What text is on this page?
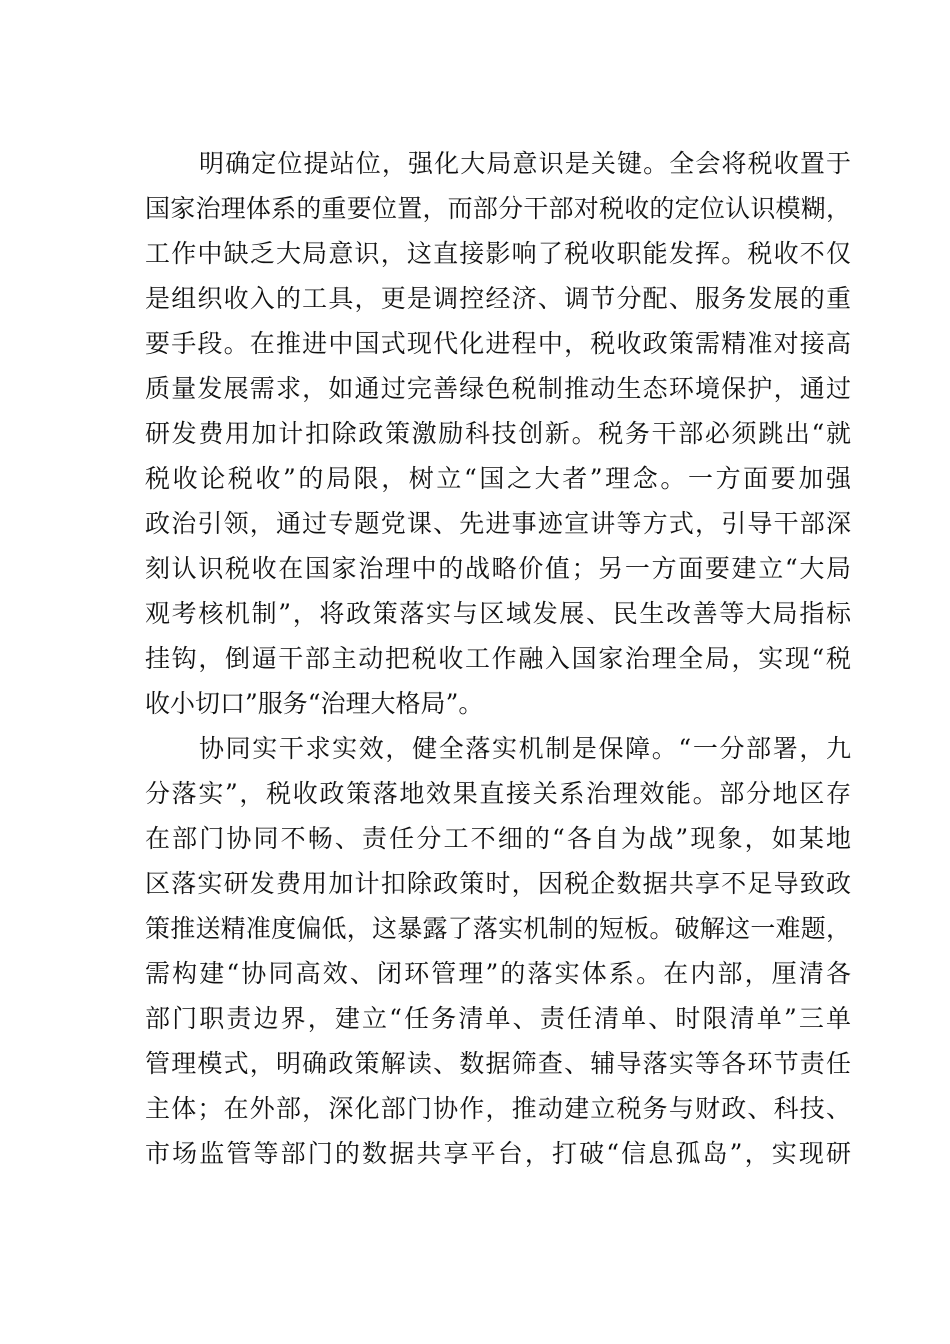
明确定位提站位，强化大局意识是关键。全会将税收置于
国家治理体系的重要位置，而部分干部对税收的定位认识模糊，
工作中缺乏大局意识，这直接影响了税收职能发挥。税收不仅
是组织收入的工具，更是调控经济、调节分配、服务发展的重
要手段。在推进中国式现代化进程中，税收政策需精准对接高
质量发展需求，如通过完善绿色税制推动生态环境保护，通过
研发费用加计扣除政策激励科技创新。税务干部必须跳出“就
税收论税收”的局限，树立“国之大者”理念。一方面要加强
政治引领，通过专题党课、先进事迹宣讲等方式，引导干部深
刻认识税收在国家治理中的战略价值；另一方面要建立“大局
观考核机制”，将政策落实与区域发展、民生改善等大局指标
挂钩，倒逼干部主动把税收工作融入国家治理全局，实现“税
收小切口”服务“治理大格局”。
协同实干求实效，健全落实机制是保障。“一分部署，九
分落实”，税收政策落地效果直接关系治理效能。部分地区存
在部门协同不畅、责任分工不细的“各自为战”现象，如某地
区落实研发费用加计扣除政策时，因税企数据共享不足导致政
策推送精准度偏低，这暴露了落实机制的短板。破解这一难题，
需构建“协同高效、闭环管理”的落实体系。在内部，厘清各
部门职责边界，建立“任务清单、责任清单、时限清单”三单
管理模式，明确政策解读、数据筛查、辅导落实等各环节责任
主体；在外部，深化部门协作，推动建立税务与财政、科技、
市场监管等部门的数据共享平台，打破“信息孤岛”，实现研
